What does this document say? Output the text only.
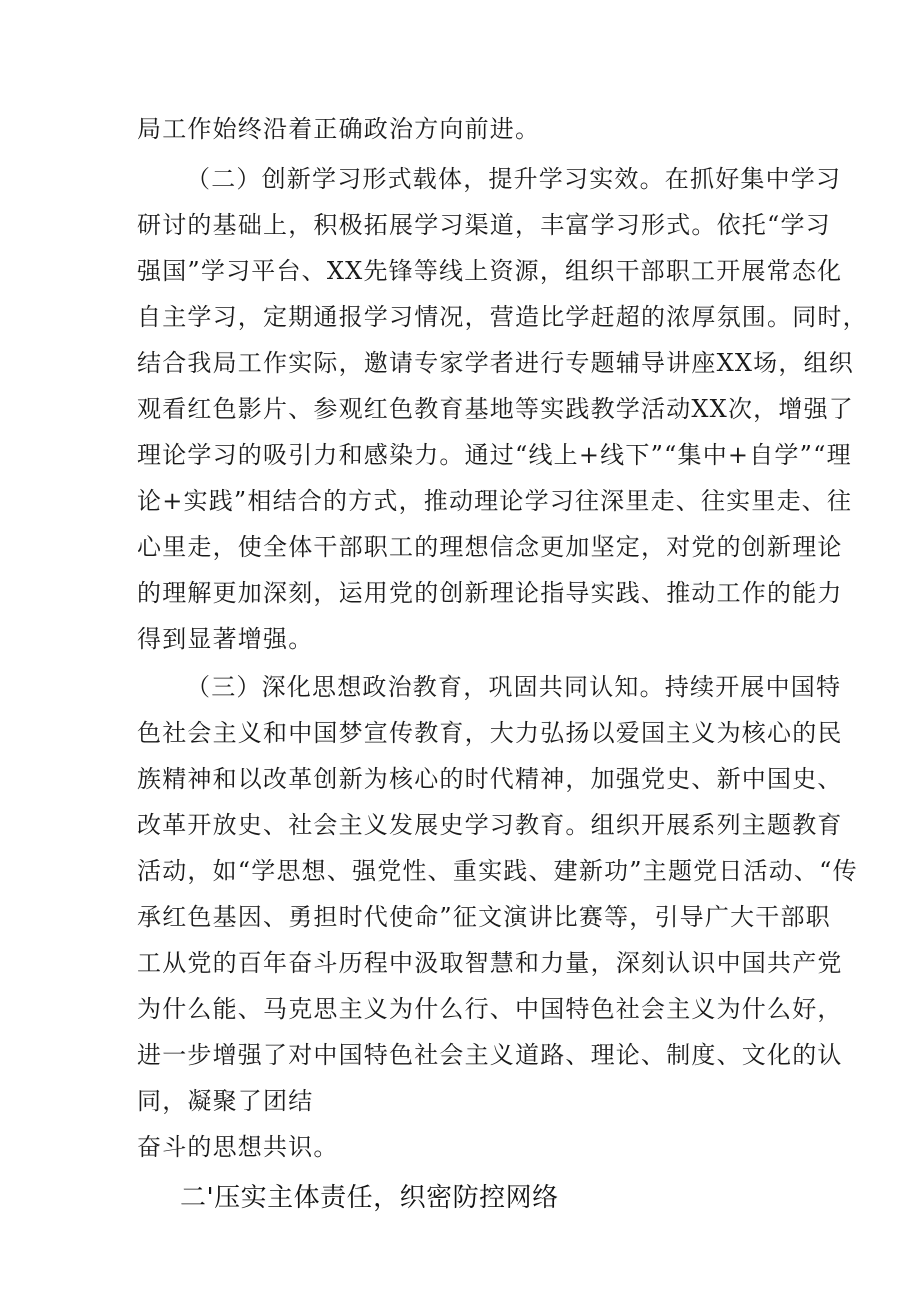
局工作始终沿着正确政治方向前进。
（二）创新学习形式载体，提升学习实效。在抓好集中学习
研讨的基础上，积极拓展学习渠道，丰富学习形式。依托“学习
强国”学习平台、XX先锋等线上资源，组织干部职工开展常态化
自主学习，定期通报学习情况，营造比学赶超的浓厚氛围。同时，
结合我局工作实际，邀请专家学者进行专题辅导讲座XX场，组织
观看红色影片、参观红色教育基地等实践教学活动XX次，增强了
理论学习的吸引力和感染力。通过“线上+线下”“集中+自学”“理
论+实践”相结合的方式，推动理论学习往深里走、往实里走、往
心里走，使全体干部职工的理想信念更加坚定，对党的创新理论
的理解更加深刻，运用党的创新理论指导实践、推动工作的能力
得到显著增强。
（三）深化思想政治教育，巩固共同认知。持续开展中国特
色社会主义和中国梦宣传教育，大力弘扬以爱国主义为核心的民
族精神和以改革创新为核心的时代精神，加强党史、新中国史、
改革开放史、社会主义发展史学习教育。组织开展系列主题教育
活动，如“学思想、强党性、重实践、建新功”主题党日活动、“传
承红色基因、勇担时代使命”征文演讲比赛等，引导广大干部职
工从党的百年奋斗历程中汲取智慧和力量，深刻认识中国共产党
为什么能、马克思主义为什么行、中国特色社会主义为什么好，
进一步增强了对中国特色社会主义道路、理论、制度、文化的认
同，凝聚了团结
奋斗的思想共识。
二'压实主体责任，织密防控网络
